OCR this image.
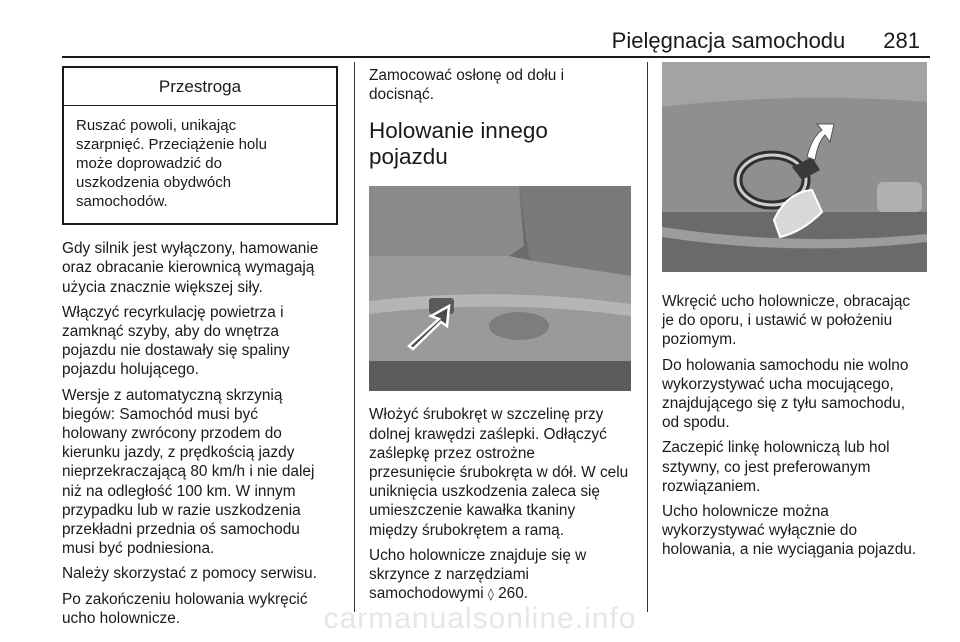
Pielęgnacja samochodu 281
Przestroga
Ruszać powoli, unikając
szarpnięć. Przeciążenie holu
może doprowadzić do
uszkodzenia obydwóch
samochodów.

Gdy silnik jest wyłączony, hamowanie
oraz obracanie kierownicą wymagają
użycia znacznie większej siły.

Włączyć recyrkulację powietrza i
zamknąć szyby, aby do wnętrza
pojazdu nie dostawały się spaliny
pojazdu holującego.

Wersje z automatyczną skrzynią
biegów: Samochód musi być
holowany zwrócony przodem do
kierunku jazdy, z prędkością jazdy
nieprzekraczającą 80 km/h i nie dalej
niż na odległość 100 km. W innym
przypadku lub w razie uszkodzenia
przekładni przednia oś samochodu
musi być podniesiona.

Należy skorzystać z pomocy serwisu.

Po zakończeniu holowania wykręcić
ucho holownicze.

Zamocować osłonę od dołu i
docisnąć.

Holowanie innego pojazdu

Włożyć śrubokręt w szczelinę przy
dolnej krawędzi zaślepki. Odłączyć
zaślepkę przez ostrożne
przesunięcie śrubokręta w dół. W celu
uniknięcia uszkodzenia zaleca się
umieszczenie kawałka tkaniny
między śrubokrętem a ramą.

Ucho holownicze znajduje się w
skrzynce z narzędziami
samochodowymi ◊ 260.

Wkręcić ucho holownicze, obracając
je do oporu, i ustawić w położeniu
poziomym.

Do holowania samochodu nie wolno
wykorzystywać ucha mocującego,
znajdującego się z tyłu samochodu,
od spodu.

Zaczepić linkę holowniczą lub hol
sztywny, co jest preferowanym
rozwiązaniem.

Ucho holownicze można
wykorzystywać wyłącznie do
holowania, a nie wyciągania pojazdu.

carmanualsonline.info
